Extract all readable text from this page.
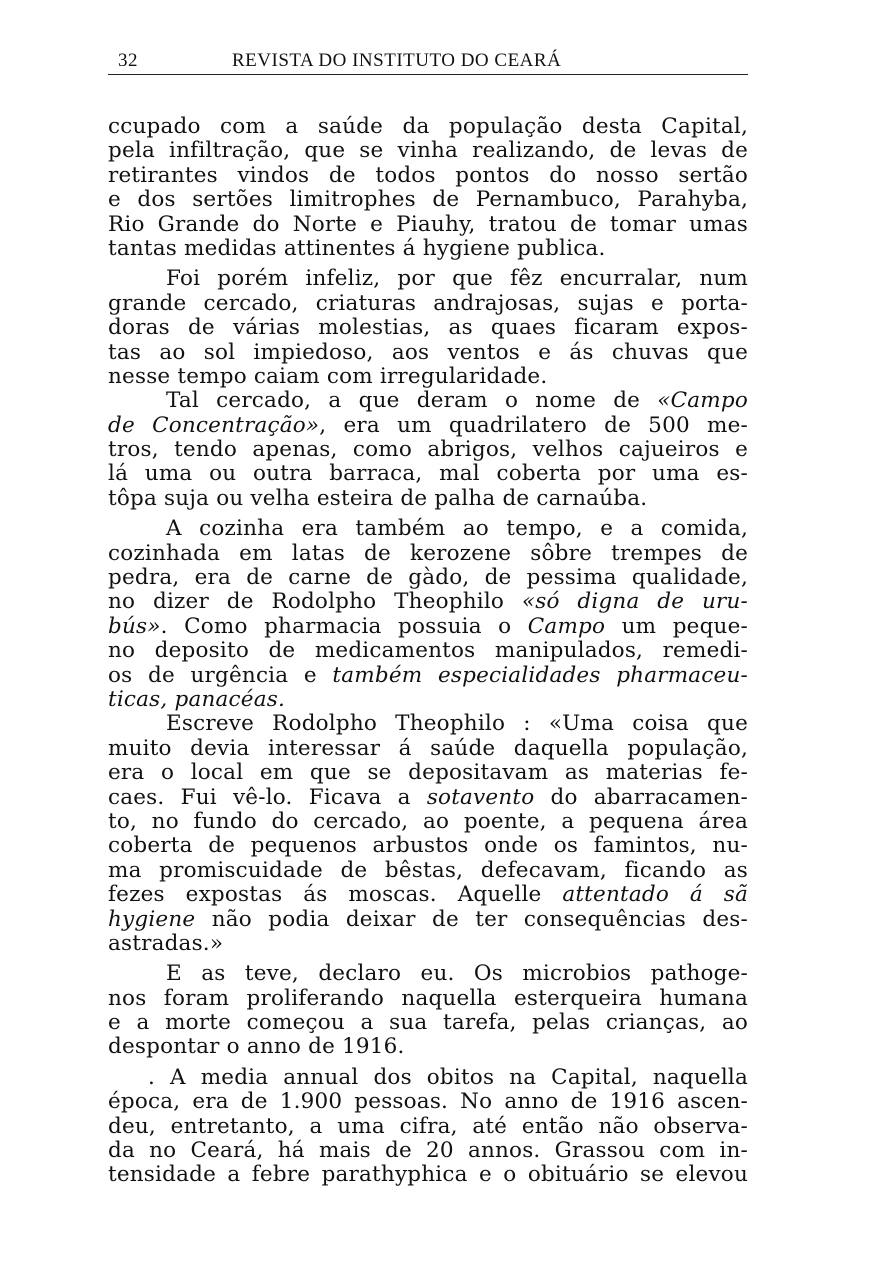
32	REVISTA DO INSTITUTO DO CEARÁ
ccupado com a saúde da população desta Capital,
pela infiltração, que se vinha realizando, de levas de
retirantes vindos de todos pontos do nosso sertão
e dos sertões limitrophes de Pernambuco, Parahyba,
Rio Grande do Norte e Piauhy, tratou de tomar umas
tantas medidas attinentes á hygiene publica.
Foi porém infeliz, por que fêz encurralar, num
grande cercado, criaturas andrajosas, sujas e porta-
doras de várias molestias, as quaes ficaram expos-
tas ao sol impiedoso, aos ventos e ás chuvas que
nesse tempo caiam com irregularidade.
Tal cercado, a que deram o nome de «Campo
de Concentração», era um quadrilatero de 500 me-
tros, tendo apenas, como abrigos, velhos cajueiros e
lá uma ou outra barraca, mal coberta por uma es-
tôpa suja ou velha esteira de palha de carnaúba.
A cozinha era também ao tempo, e a comida,
cozinhada em latas de kerozene sôbre trempes de
pedra, era de carne de gàdo, de pessima qualidade,
no dizer de Rodolpho Theophilo «só digna de uru-
bús». Como pharmacia possuia o Campo um peque-
no deposito de medicamentos manipulados, remedi-
os de urgência e também especialidades pharmaceu-
ticas, panacéas.
Escreve Rodolpho Theophilo : «Uma coisa que
muito devia interessar á saúde daquella população,
era o local em que se depositavam as materias fe-
caes. Fui vê-lo. Ficava a sotavento do abarracamen-
to, no fundo do cercado, ao poente, a pequena área
coberta de pequenos arbustos onde os famintos, nu-
ma promiscuidade de bêstas, defecavam, ficando as
fezes expostas ás moscas. Aquelle attentado á sã
hygiene não podia deixar de ter consequências des-
astradas.»
E as teve, declaro eu. Os microbios pathoge-
nos foram proliferando naquella esterqueira humana
e a morte começou a sua tarefa, pelas crianças, ao
despontar o anno de 1916.
. A media annual dos obitos na Capital, naquella
época, era de 1.900 pessoas. No anno de 1916 ascen-
deu, entretanto, a uma cifra, até então não observa-
da no Ceará, há mais de 20 annos. Grassou com in-
tensidade a febre parathyphica e o obituário se elevou
